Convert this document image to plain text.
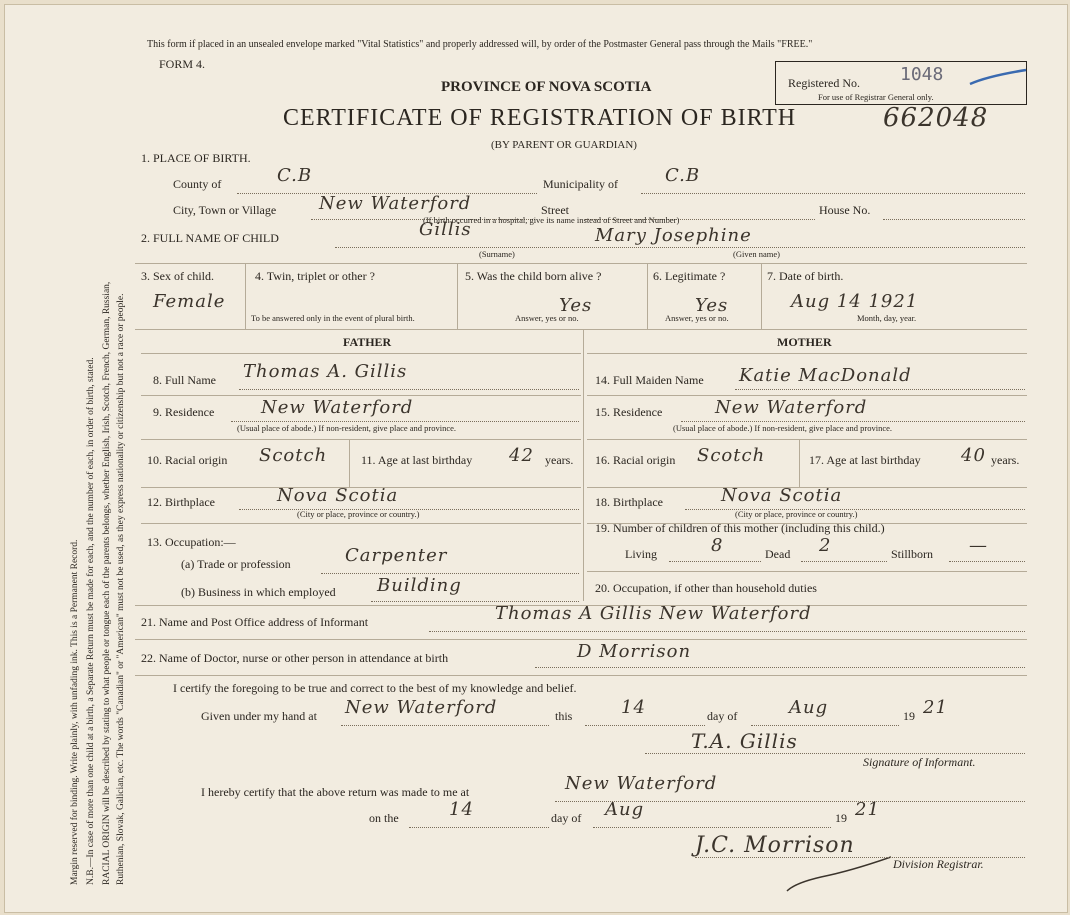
Margin reserved for binding. Write plainly, with unfading ink. This is a Permanent Record. N.B.—In case of more than one child at a birth, a Separate Return must be made for each, and the number of each, in order of birth, stated. RACIAL ORIGIN will be described by stating to what people or tongue each of the parents belongs, whether English, Irish, Scotch, French, German, Russian, Ruthenian, Slovak, Galician, etc. The words "Canadian" or "American" must not be used, as they express nationality or citizenship but not a race or people.
This form if placed in an unsealed envelope marked "Vital Statistics" and properly addressed will, by order of the Postmaster General pass through the Mails "FREE."
FORM 4.
PROVINCE OF NOVA SCOTIA
CERTIFICATE OF REGISTRATION OF BIRTH	662048
(BY PARENT OR GUARDIAN)
Registered No. 1048
For use of Registrar General only.
1. PLACE OF BIRTH.
County of	C.B	Municipality of	C.B
City, Town or Village New Waterford	Street	House No.
(If birth occurred in a hospital, give its name instead of Street and Number)
2. FULL NAME OF CHILD	Gillis	Mary Josephine
(Surname)	(Given name)
3. Sex of child.
Female
4. Twin, triplet or other ?
To be answered only in the event of plural birth.
5. Was the child born alive ?
Yes
Answer, yes or no.
6. Legitimate ?
Yes
Answer, yes or no.
7. Date of birth.
Aug 14 1921
Month, day, year.
FATHER	MOTHER
8. Full Name Thomas A. Gillis
9. Residence	New Waterford
(Usual place of abode.) If non-resident, give place and province.
10. Racial origin Scotch	11. Age at last birthday 42 years.
12. Birthplace	Nova Scotia
(City or place, province or country.)
13. Occupation:—
(a) Trade or profession	Carpenter
(b) Business in which employed Building
14. Full Maiden Name Katie MacDonald
15. Residence	New Waterford
(Usual place of abode.) If non-resident, give place and province.
16. Racial origin Scotch	17. Age at last birthday 40 years.
18. Birthplace	Nova Scotia
(City or place, province or country.)
19. Number of children of this mother (including this child.)
Living	8	Dead 2	Stillborn —
20. Occupation, if other than household duties
21. Name and Post Office address of Informant	Thomas A Gillis New Waterford
22. Name of Doctor, nurse or other person in attendance at birth	D Morrison
I certify the foregoing to be true and correct to the best of my knowledge and belief.
Given under my hand at New Waterford	this	14	day of	Aug	19 21
T.A. Gillis
Signature of Informant.
I hereby certify that the above return was made to me at	New Waterford
on the	14	day of Aug	19 21
J.C. Morrison
Division Registrar.
